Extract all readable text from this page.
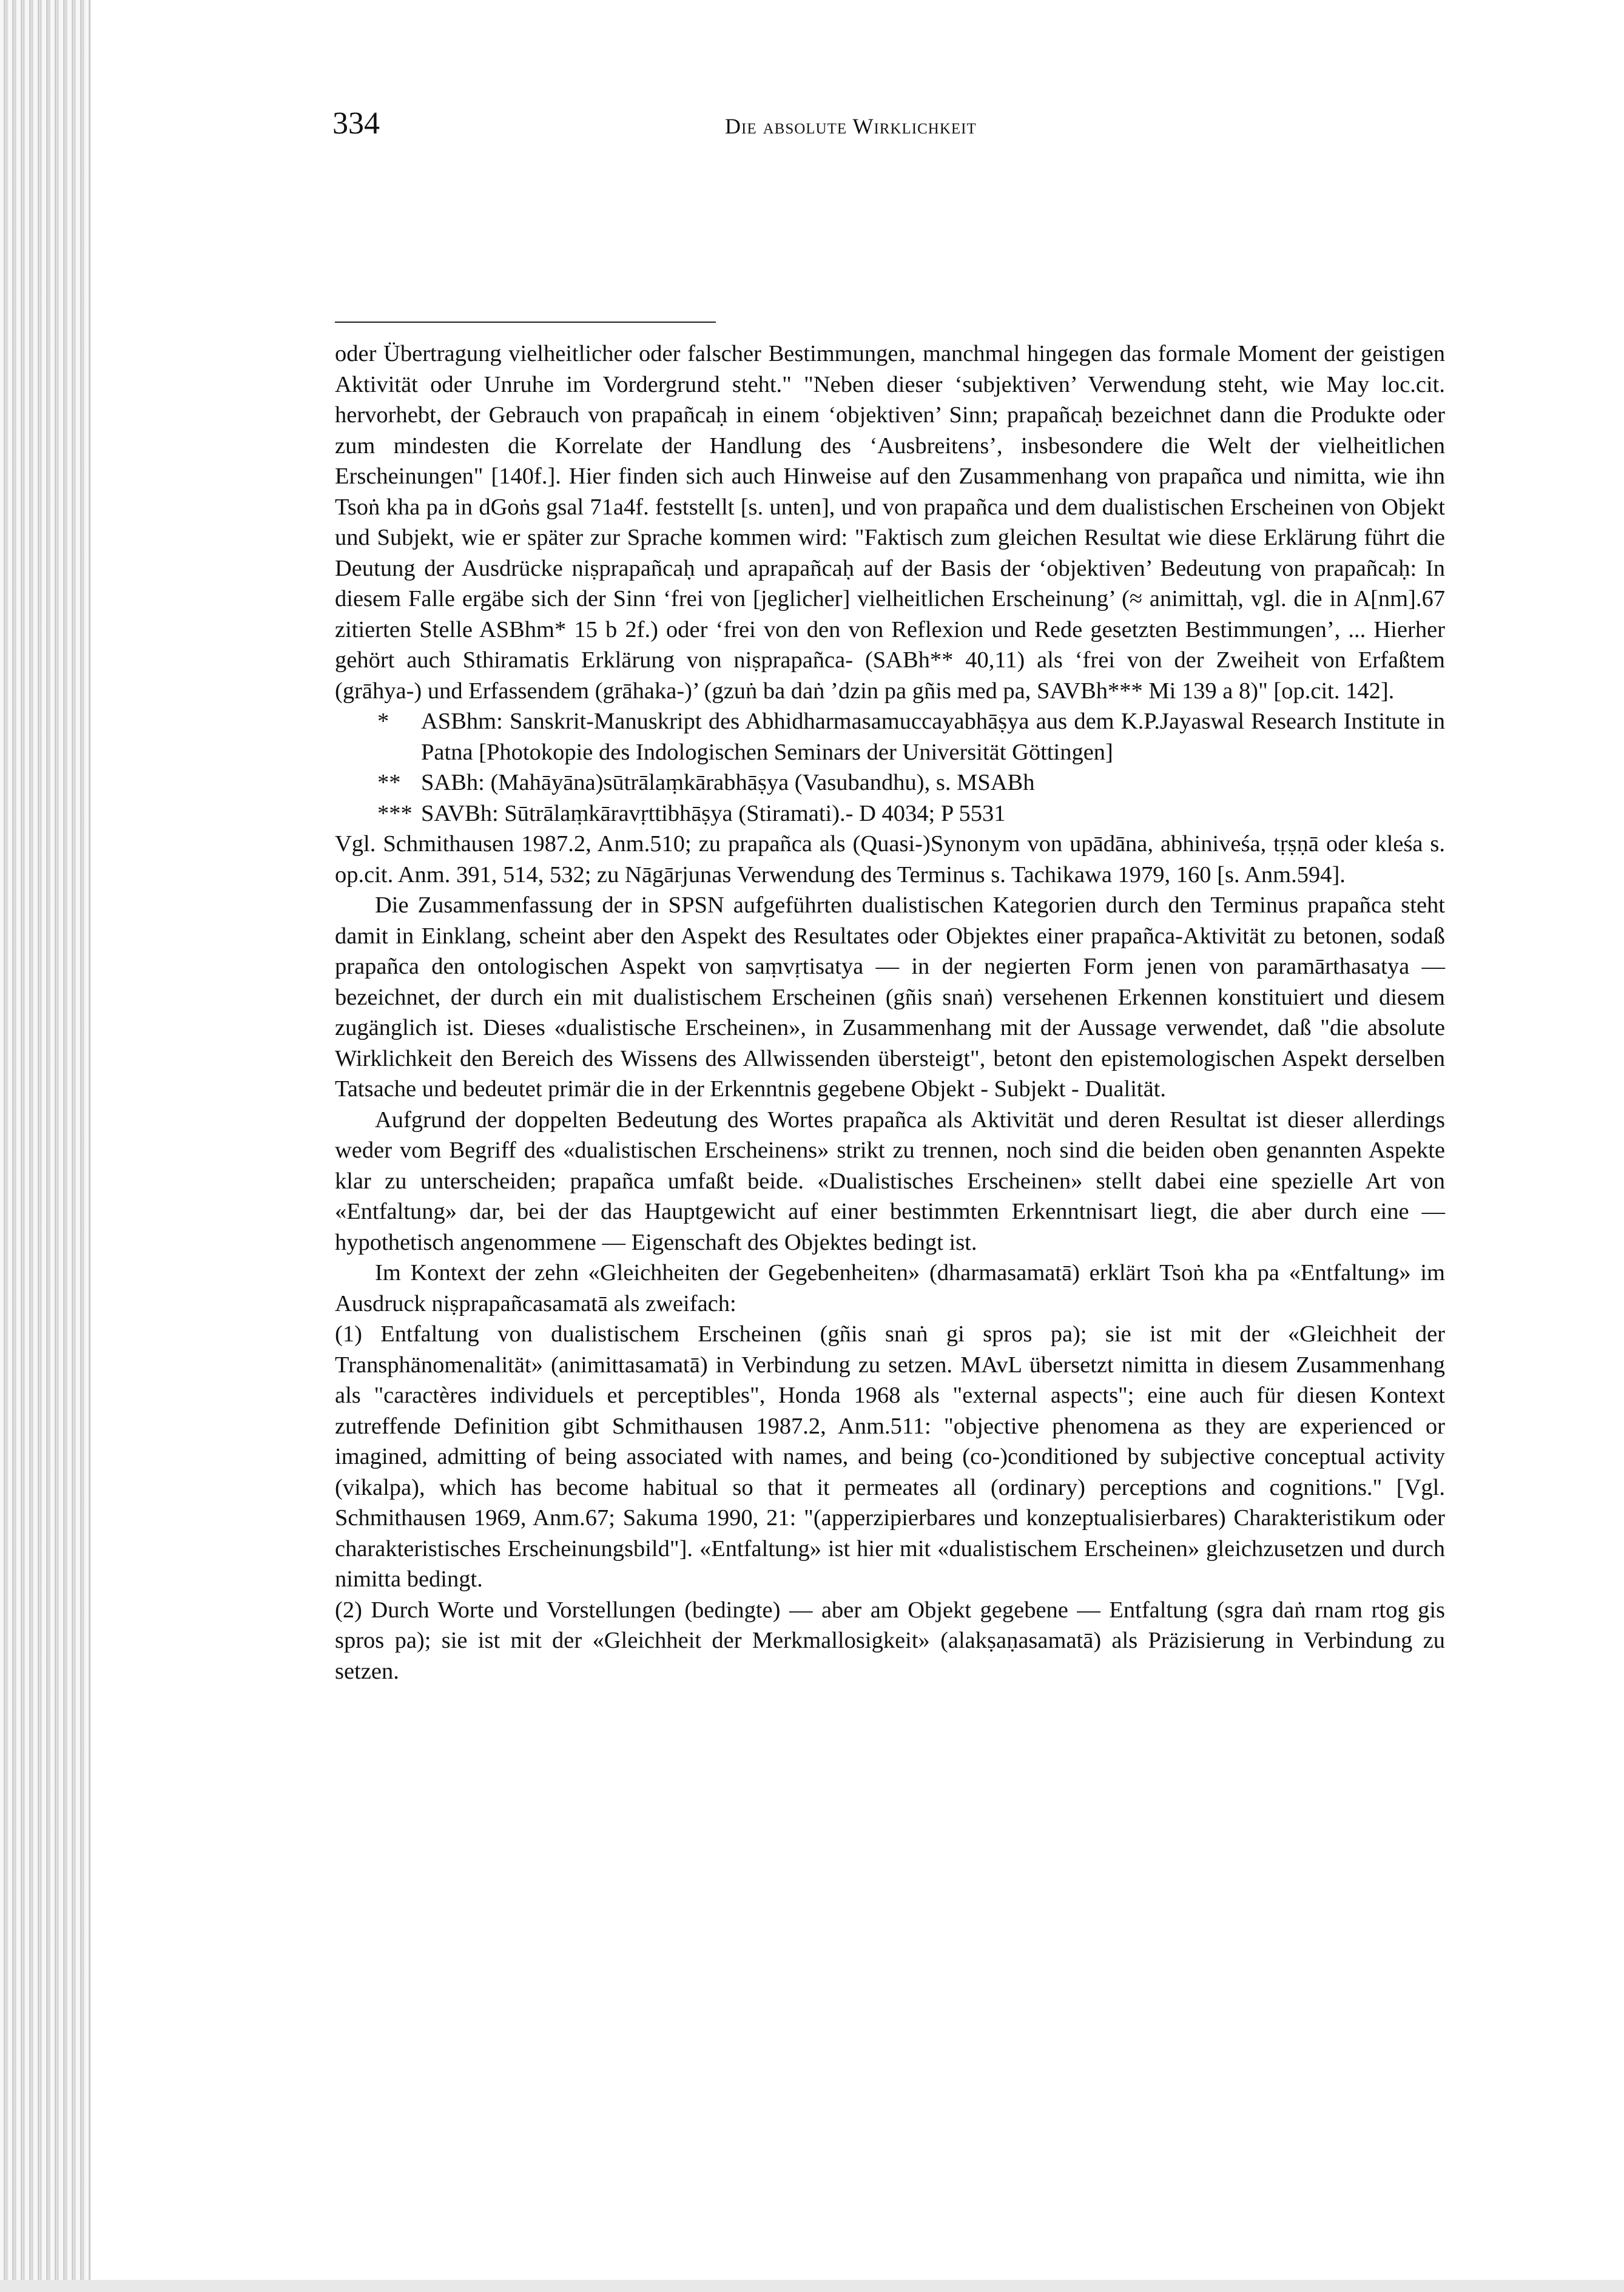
334	Die absolute Wirklichkeit

oder Übertragung vielheitlicher oder falscher Bestimmungen, manchmal hingegen das formale Moment der geistigen Aktivität oder Unruhe im Vordergrund steht." "Neben dieser ‘subjektiven’ Verwendung steht, wie May loc.cit. hervorhebt, der Gebrauch von prapañcaḥ in einem ‘objektiven’ Sinn; prapañcaḥ bezeichnet dann die Produkte oder zum mindesten die Korrelate der Handlung des ‘Ausbreitens’, insbesondere die Welt der vielheitlichen Erscheinungen" [140f.]. Hier finden sich auch Hinweise auf den Zusammenhang von prapañca und nimitta, wie ihn Tsoṅ kha pa in dGoṅs gsal 71a4f. feststellt [s. unten], und von prapañca und dem dualistischen Erscheinen von Objekt und Subjekt, wie er später zur Sprache kommen wird: "Faktisch zum gleichen Resultat wie diese Erklärung führt die Deutung der Ausdrücke niṣprapañcaḥ und aprapañcaḥ auf der Basis der ‘objektiven’ Bedeutung von prapañcaḥ: In diesem Falle ergäbe sich der Sinn ‘frei von [jeglicher] vielheitlichen Erscheinung’ (≈ animittaḥ, vgl. die in A[nm].67 zitierten Stelle ASBhm* 15 b 2f.) oder ‘frei von den von Reflexion und Rede gesetzten Bestimmungen’, ... Hierher gehört auch Sthiramatis Erklärung von niṣprapañca- (SABh** 40,11) als ‘frei von der Zweiheit von Erfaßtem (grāhya-) und Erfassendem (grāhaka-)’ (gzuṅ ba daṅ ’dzin pa gñis med pa, SAVBh*** Mi 139 a 8)" [op.cit. 142].

*	ASBhm: Sanskrit-Manuskript des Abhidharmasamuccayabhāṣya aus dem K.P.Jayaswal Research Institute in Patna [Photokopie des Indologischen Seminars der Universität Göttingen]
** SABh: (Mahāyāna)sūtrālaṃkārabhāṣya (Vasubandhu), s. MSABh
*** SAVBh: Sūtrālaṃkāravṛttibhāṣya (Stiramati).- D 4034; P 5531

Vgl. Schmithausen 1987.2, Anm.510; zu prapañca als (Quasi-)Synonym von upādāna, abhiniveśa, tṛṣṇā oder kleśa s. op.cit. Anm. 391, 514, 532; zu Nāgārjunas Verwendung des Terminus s. Tachikawa 1979, 160 [s. Anm.594].

Die Zusammenfassung der in SPSN aufgeführten dualistischen Kategorien durch den Terminus prapañca steht damit in Einklang, scheint aber den Aspekt des Resultates oder Objektes einer prapañca-Aktivität zu betonen, sodaß prapañca den ontologischen Aspekt von saṃvṛtisatya — in der negierten Form jenen von paramārthasatya — bezeichnet, der durch ein mit dualistischem Erscheinen (gñis snaṅ) versehenen Erkennen konstituiert und diesem zugänglich ist. Dieses «dualistische Erscheinen», in Zusammenhang mit der Aussage verwendet, daß "die absolute Wirklichkeit den Bereich des Wissens des Allwissenden übersteigt", betont den epistemologischen Aspekt derselben Tatsache und bedeutet primär die in der Erkenntnis gegebene Objekt - Subjekt - Dualität.

Aufgrund der doppelten Bedeutung des Wortes prapañca als Aktivität und deren Resultat ist dieser allerdings weder vom Begriff des «dualistischen Erscheinens» strikt zu trennen, noch sind die beiden oben genannten Aspekte klar zu unterscheiden; prapañca umfaßt beide. «Dualistisches Erscheinen» stellt dabei eine spezielle Art von «Entfaltung» dar, bei der das Hauptgewicht auf einer bestimmten Erkenntnisart liegt, die aber durch eine — hypothetisch angenommene — Eigenschaft des Objektes bedingt ist.

Im Kontext der zehn «Gleichheiten der Gegebenheiten» (dharmasamatā) erklärt Tsoṅ kha pa «Entfaltung» im Ausdruck niṣprapañcasamatā als zweifach:

(1) Entfaltung von dualistischem Erscheinen (gñis snaṅ gi spros pa); sie ist mit der «Gleichheit der Transphänomenalität» (animittasamatā) in Verbindung zu setzen. MAvL übersetzt nimitta in diesem Zusammenhang als "caractères individuels et perceptibles", Honda 1968 als "external aspects"; eine auch für diesen Kontext zutreffende Definition gibt Schmithausen 1987.2, Anm.511: "objective phenomena as they are experienced or imagined, admitting of being associated with names, and being (co-)conditioned by subjective conceptual activity (vikalpa), which has become habitual so that it permeates all (ordinary) perceptions and cognitions." [Vgl. Schmithausen 1969, Anm.67; Sakuma 1990, 21: "(apperzipierbares und konzeptualisierbares) Charakteristikum oder charakteristisches Erscheinungsbild"]. «Entfaltung» ist hier mit «dualistischem Erscheinen» gleichzusetzen und durch nimitta bedingt.

(2) Durch Worte und Vorstellungen (bedingte) — aber am Objekt gegebene — Entfaltung (sgra daṅ rnam rtog gis spros pa); sie ist mit der «Gleichheit der Merkmallosigkeit» (alakṣaṇasamatā) als Präzisierung in Verbindung zu setzen.
